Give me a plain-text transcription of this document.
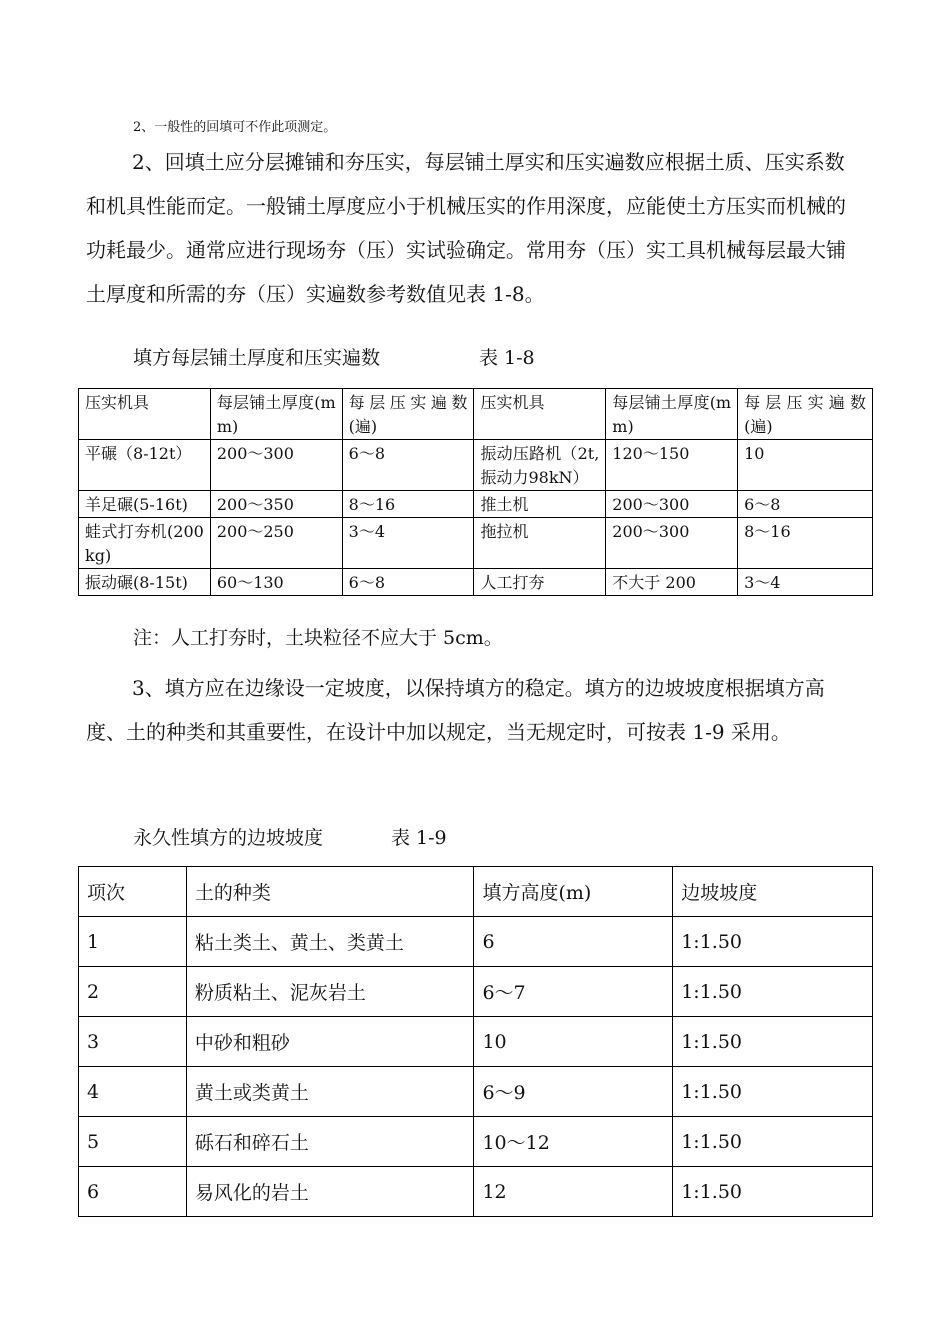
2、一般性的回填可不作此项测定。
2、回填土应分层摊铺和夯压实，每层铺土厚实和压实遍数应根据土质、压实系数和机具性能而定。一般铺土厚度应小于机械压实的作用深度，应能使土方压实而机械的功耗最少。通常应进行现场夯（压）实试验确定。常用夯（压）实工具机械每层最大铺土厚度和所需的夯（压）实遍数参考数值见表 1-8。
填方每层铺土厚度和压实遍数	表 1-8
压实机具	每层铺土厚度(mm)	每层压实遍数(遍)	压实机具	每层铺土厚度(mm)	每层压实遍数(遍)
平碾（8-12t）	200～300	6～8	振动压路机（2t,振动力98kN）	120～150	10
羊足碾(5-16t)	200～350	8～16	推土机	200～300	6～8
蛙式打夯机(200kg)	200～250	3～4	拖拉机	200～300	8～16
振动碾(8-15t)	60～130	6～8	人工打夯	不大于 200	3～4
注：人工打夯时，土块粒径不应大于 5cm。
3、填方应在边缘设一定坡度，以保持填方的稳定。填方的边坡坡度根据填方高度、土的种类和其重要性，在设计中加以规定，当无规定时，可按表 1-9 采用。
永久性填方的边坡坡度	表 1-9
项次	土的种类	填方高度(m)	边坡坡度
1	粘土类土、黄土、类黄土	6	1:1.50
2	粉质粘土、泥灰岩土	6～7	1:1.50
3	中砂和粗砂	10	1:1.50
4	黄土或类黄土	6～9	1:1.50
5	砾石和碎石土	10～12	1:1.50
6	易风化的岩土	12	1:1.50
